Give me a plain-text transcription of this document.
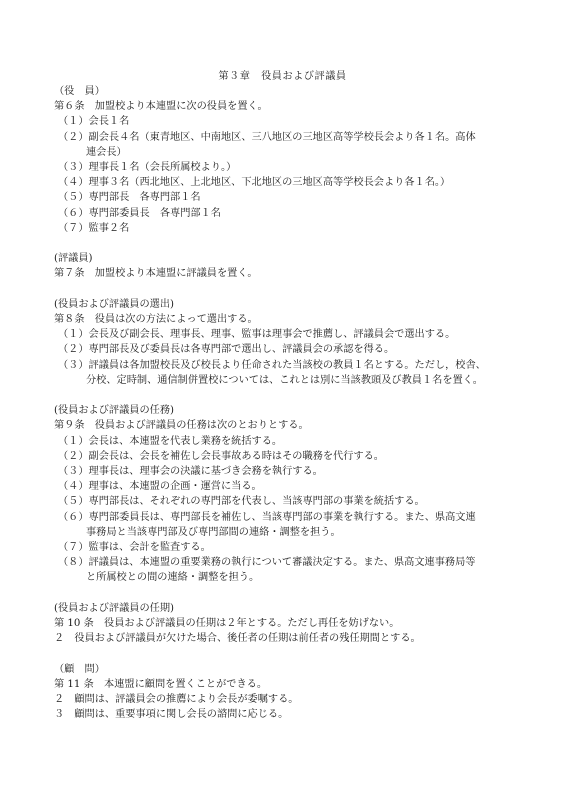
第３章　役員および評議員
（役　員）
第６条　加盟校より本連盟に次の役員を置く。
（１）会長１名
（２）副会長４名（東青地区、中南地区、三八地区の三地区高等学校長会より各１名。高体
連会長）
（３）理事長１名（会長所属校より。）
（４）理事３名（西北地区、上北地区、下北地区の三地区高等学校長会より各１名。）
（５）専門部長　各専門部１名
（６）専門部委員長　各専門部１名
（７）監事２名
(評議員)
第７条　加盟校より本連盟に評議員を置く。
(役員および評議員の選出)
第８条　役員は次の方法によって選出する。
（１）会長及び副会長、理事長、理事、監事は理事会で推薦し、評議員会で選出する。
（２）専門部長及び委員長は各専門部で選出し、評議員会の承認を得る。
（３）評議員は各加盟校長及び校長より任命された当該校の教員１名とする。ただし，校舎、
分校、定時制、通信制併置校については、これとは別に当該教頭及び教員１名を置く。
(役員および評議員の任務)
第９条　役員および評議員の任務は次のとおりとする。
（１）会長は、本連盟を代表し業務を統括する。
（２）副会長は、会長を補佐し会長事故ある時はその職務を代行する。
（３）理事長は、理事会の決議に基づき会務を執行する。
（４）理事は、本連盟の企画・運営に当る。
（５）専門部長は、それぞれの専門部を代表し、当該専門部の事業を統括する。
（６）専門部委員長は、専門部長を補佐し、当該専門部の事業を執行する。また、県高文連
事務局と当該専門部及び専門部間の連絡・調整を担う。
（７）監事は、会計を監査する。
（８）評議員は、本連盟の重要業務の執行について審議決定する。また、県高文連事務局等
と所属校との間の連絡・調整を担う。
(役員および評議員の任期)
第 10 条　役員および評議員の任期は２年とする。ただし再任を妨げない。
２　役員および評議員が欠けた場合、後任者の任期は前任者の残任期間とする。
（顧　問）
第 11 条　本連盟に顧問を置くことができる。
２　顧問は、評議員会の推薦により会長が委嘱する。
３　顧問は、重要事項に関し会長の諮問に応じる。
